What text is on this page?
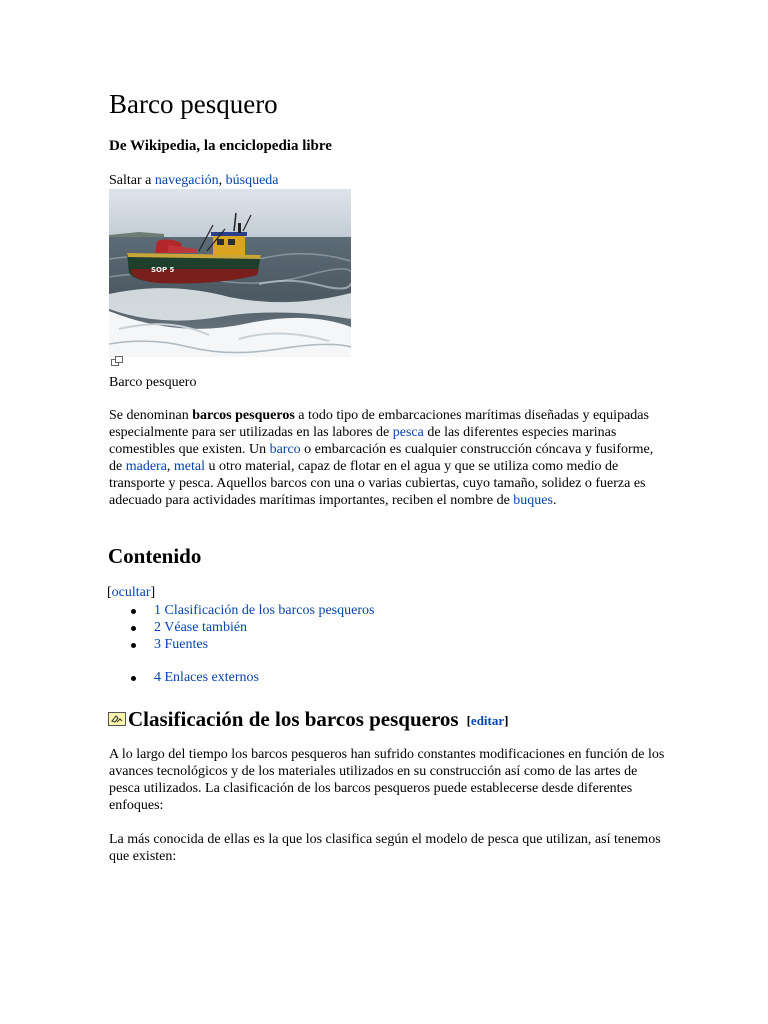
Barco pesquero
De Wikipedia, la enciclopedia libre
Saltar a navegación, búsqueda
SOP 5
Barco pesquero

Se denominan barcos pesqueros a todo tipo de embarcaciones marítimas diseñadas y equipadas especialmente para ser utilizadas en las labores de pesca de las diferentes especies marinas comestibles que existen. Un barco o embarcación es cualquier construcción cóncava y fusiforme, de madera, metal u otro material, capaz de flotar en el agua y que se utiliza como medio de transporte y pesca. Aquellos barcos con una o varias cubiertas, cuyo tamaño, solidez o fuerza es adecuado para actividades marítimas importantes, reciben el nombre de buques.

Contenido
[ocultar]
1 Clasificación de los barcos pesqueros
2 Véase también
3 Fuentes
4 Enlaces externos
Clasificación de los barcos pesqueros [editar]

A lo largo del tiempo los barcos pesqueros han sufrido constantes modificaciones en función de los avances tecnológicos y de los materiales utilizados en su construcción así como de las artes de pesca utilizados. La clasificación de los barcos pesqueros puede establecerse desde diferentes enfoques:

La más conocida de ellas es la que los clasifica según el modelo de pesca que utilizan, así tenemos que existen:
